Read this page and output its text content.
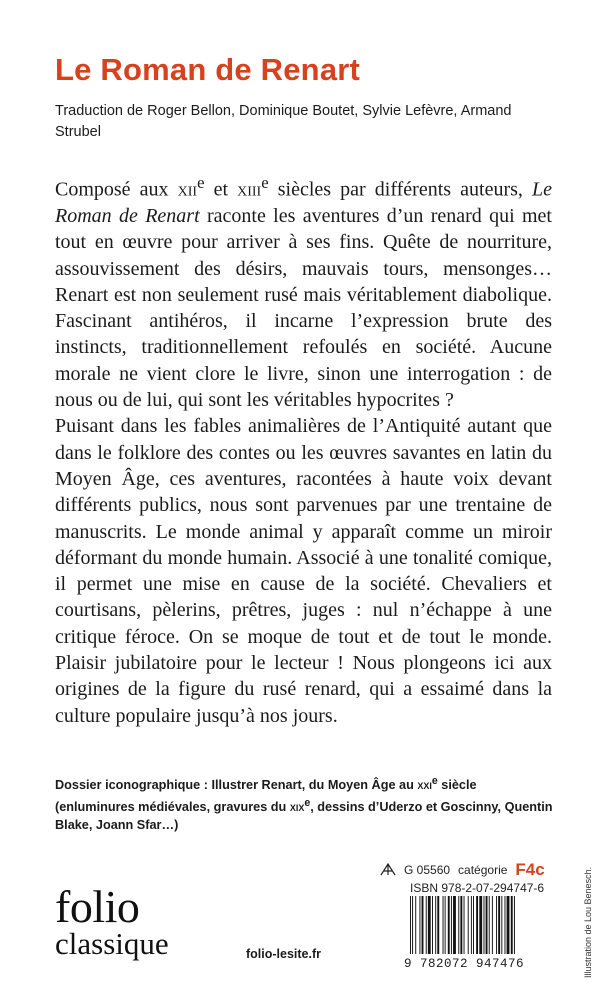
Le Roman de Renart

Traduction de Roger Bellon, Dominique Boutet, Sylvie Lefèvre, Armand Strubel

Composé aux xii$^e$ et xiii$^e$ siècles par différents auteurs, Le Roman de Renart raconte les aventures d’un renard qui met tout en œuvre pour arriver à ses fins. Quête de nourriture, assouvissement des désirs, mauvais tours, mensonges… Renart est non seulement rusé mais véritablement diabolique. Fascinant antihéros, il incarne l’expression brute des instincts, traditionnellement refoulés en société. Aucune morale ne vient clore le livre, sinon une interrogation : de nous ou de lui, qui sont les véritables hypocrites ?

Puisant dans les fables animalières de l’Antiquité autant que dans le folklore des contes ou les œuvres savantes en latin du Moyen Âge, ces aventures, racontées à haute voix devant différents publics, nous sont parvenues par une trentaine de manuscrits. Le monde animal y apparaît comme un miroir déformant du monde humain. Associé à une tonalité comique, il permet une mise en cause de la société. Chevaliers et courtisans, pèlerins, prêtres, juges : nul n’échappe à une critique féroce. On se moque de tout et de tout le monde. Plaisir jubilatoire pour le lecteur ! Nous plongeons ici aux origines de la figure du rusé renard, qui a essaimé dans la culture populaire jusqu’à nos jours.

Dossier iconographique : Illustrer Renart, du Moyen Âge au xxi$^e$ siècle (enluminures médiévales, gravures du xix$^e$, dessins d’Uderzo et Goscinny, Quentin Blake, Joann Sfar…)

folio
classique	folio-lesite.fr
G 05560 catégorie F4c
ISBN 978-2-07-294747-6
9 782072 947476	Illustration de Lou Benesch.
